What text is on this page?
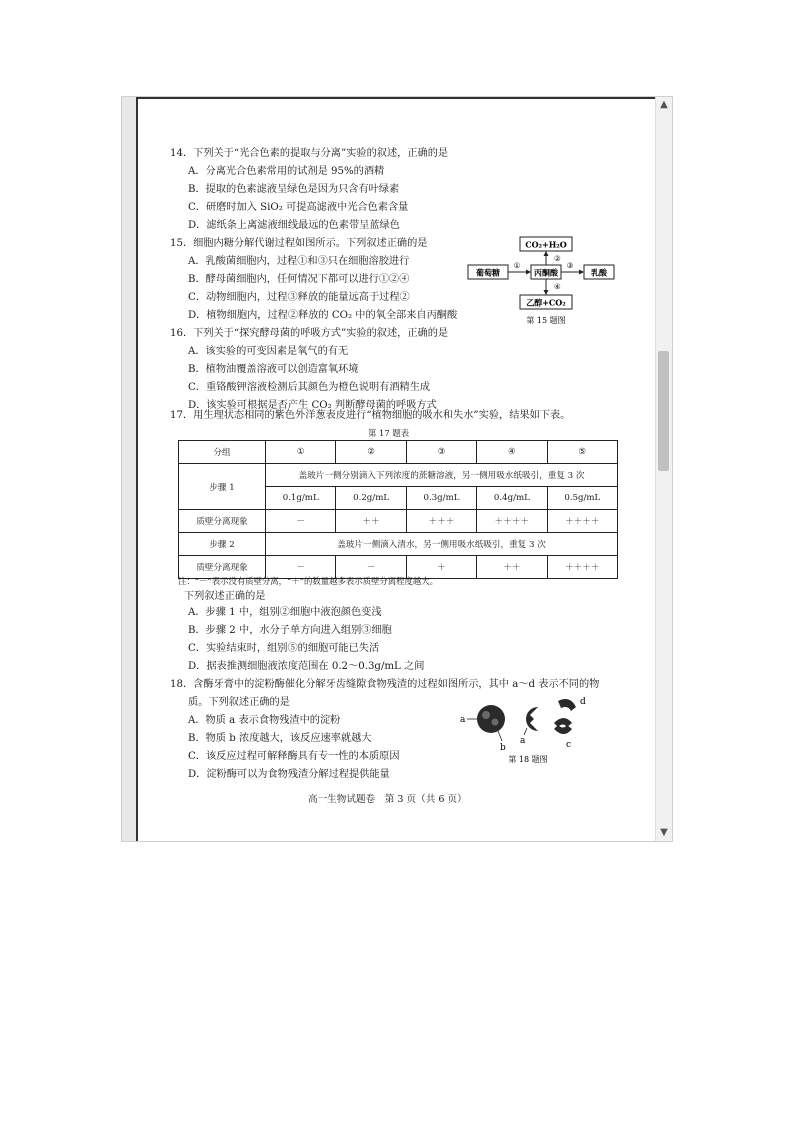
14．下列关于“光合色素的提取与分离”实验的叙述，正确的是
A．分离光合色素常用的试剂是 95%的酒精
B．提取的色素滤液呈绿色是因为只含有叶绿素
C．研磨时加入 SiO₂ 可提高滤液中光合色素含量
D．滤纸条上离滤液细线最远的色素带呈蓝绿色
15．细胞内糖分解代谢过程如图所示。下列叙述正确的是
A．乳酸菌细胞内，过程①和③只在细胞溶胶进行
B．酵母菌细胞内，任何情况下都可以进行①②④
C．动物细胞内，过程③释放的能量远高于过程②
D．植物细胞内，过程②释放的 CO₂ 中的氧全部来自丙酮酸
CO₂+H₂O
葡萄糖
①
丙酮酸
②
③
乳酸
④
乙醇+CO₂
第 15 题图
16．下列关于“探究酵母菌的呼吸方式”实验的叙述，正确的是
A．该实验的可变因素是氧气的有无
B．植物油覆盖溶液可以创造富氧环境
C．重铬酸钾溶液检测后其颜色为橙色说明有酒精生成
D．该实验可根据是否产生 CO₂ 判断酵母菌的呼吸方式
17．用生理状态相同的紫色外洋葱表皮进行“植物细胞的吸水和失水”实验，结果如下表。
第 17 题表
分组	①	②	③	④	⑤
步骤 1	盖玻片一侧分别滴入下列浓度的蔗糖溶液，另一侧用吸水纸吸引，重复 3 次				
	0.1g/mL	0.2g/mL	0.3g/mL	0.4g/mL	0.5g/mL
质壁分离现象	－	＋＋	＋＋＋	＋＋＋＋	＋＋＋＋
步骤 2	盖玻片一侧滴入清水，另一侧用吸水纸吸引，重复 3 次				
质壁分离现象	－	－	＋	＋＋	＋＋＋＋
注：“－”表示没有质壁分离，“＋”的数量越多表示质壁分离程度越大。
下列叙述正确的是
A．步骤 1 中，组别②细胞中液泡颜色变浅
B．步骤 2 中，水分子单方向进入组别③细胞
C．实验结束时，组别⑤的细胞可能已失活
D．据表推测细胞液浓度范围在 0.2～0.3g/mL 之间
18．含酶牙膏中的淀粉酶催化分解牙齿缝隙食物残渣的过程如图所示，其中 a～d 表示不同的物
质。下列叙述正确的是
A．物质 a 表示食物残渣中的淀粉
B．物质 b 浓度越大，该反应速率就越大
C．该反应过程可解释酶具有专一性的本质原因
D．淀粉酶可以为食物残渣分解过程提供能量
a
b
a
d
c
第 18 题图
高一生物试题卷　第 3 页（共 6 页）
▲
▼
